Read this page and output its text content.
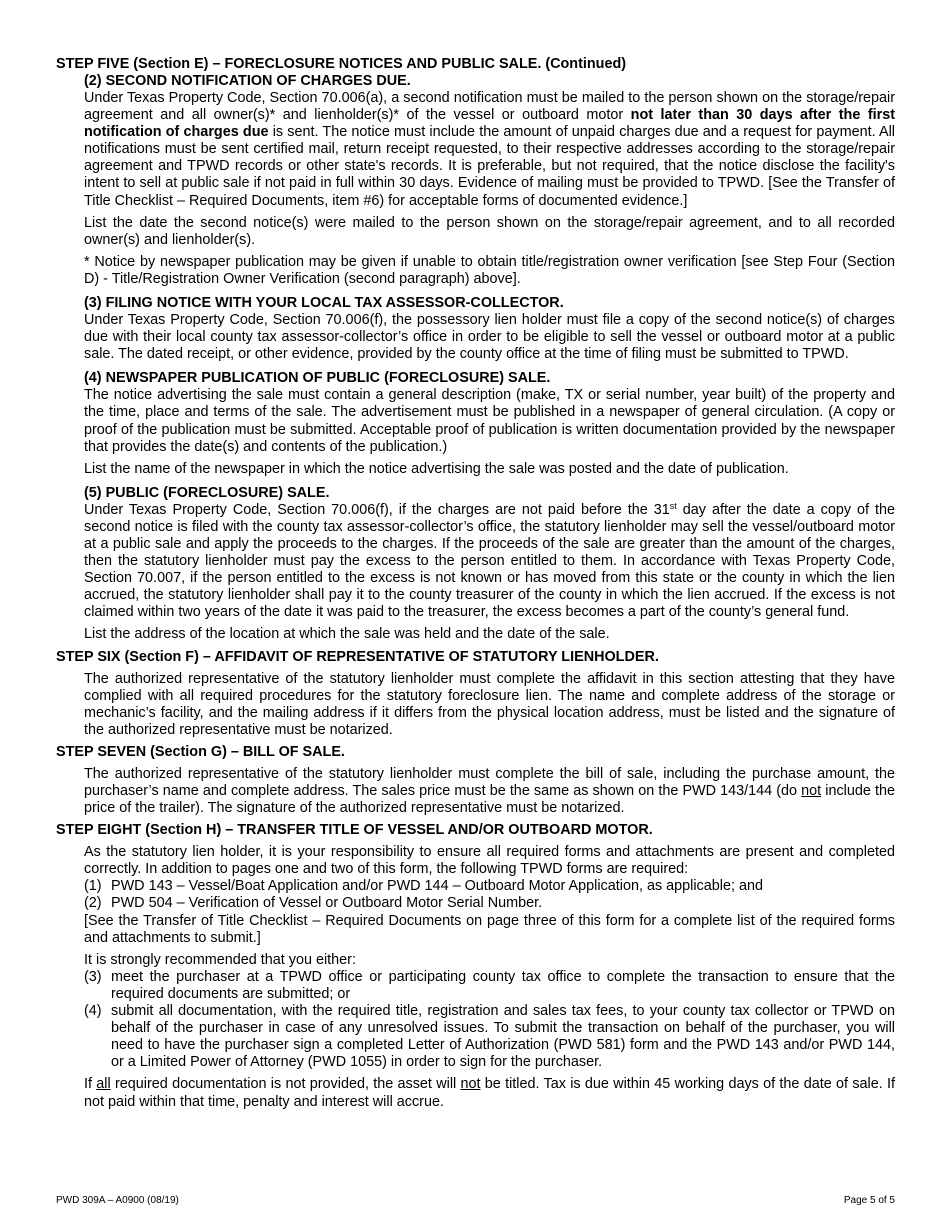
STEP FIVE (Section E) – FORECLOSURE NOTICES AND PUBLIC SALE. (Continued)
(2) SECOND NOTIFICATION OF CHARGES DUE.

Under Texas Property Code, Section 70.006(a), a second notification must be mailed to the person shown on the storage/repair agreement and all owner(s)* and lienholder(s)* of the vessel or outboard motor not later than 30 days after the first notification of charges due is sent. The notice must include the amount of unpaid charges due and a request for payment. All notifications must be sent certified mail, return receipt requested, to their respective addresses according to the storage/repair agreement and TPWD records or other state's records. It is preferable, but not required, that the notice disclose the facility's intent to sell at public sale if not paid in full within 30 days. Evidence of mailing must be provided to TPWD. [See the Transfer of Title Checklist – Required Documents, item #6) for acceptable forms of documented evidence.]

List the date the second notice(s) were mailed to the person shown on the storage/repair agreement, and to all recorded owner(s) and lienholder(s).

* Notice by newspaper publication may be given if unable to obtain title/registration owner verification [see Step Four (Section D) - Title/Registration Owner Verification (second paragraph) above].

(3) FILING NOTICE WITH YOUR LOCAL TAX ASSESSOR-COLLECTOR.

Under Texas Property Code, Section 70.006(f), the possessory lien holder must file a copy of the second notice(s) of charges due with their local county tax assessor-collector’s office in order to be eligible to sell the vessel or outboard motor at a public sale. The dated receipt, or other evidence, provided by the county office at the time of filing must be submitted to TPWD.

(4) NEWSPAPER PUBLICATION OF PUBLIC (FORECLOSURE) SALE.

The notice advertising the sale must contain a general description (make, TX or serial number, year built) of the property and the time, place and terms of the sale. The advertisement must be published in a newspaper of general circulation. (A copy or proof of the publication must be submitted. Acceptable proof of publication is written documentation provided by the newspaper that provides the date(s) and contents of the publication.)

List the name of the newspaper in which the notice advertising the sale was posted and the date of publication.

(5) PUBLIC (FORECLOSURE) SALE.

Under Texas Property Code, Section 70.006(f), if the charges are not paid before the 31st day after the date a copy of the second notice is filed with the county tax assessor-collector’s office, the statutory lienholder may sell the vessel/outboard motor at a public sale and apply the proceeds to the charges. If the proceeds of the sale are greater than the amount of the charges, then the statutory lienholder must pay the excess to the person entitled to them. In accordance with Texas Property Code, Section 70.007, if the person entitled to the excess is not known or has moved from this state or the county in which the lien accrued, the statutory lienholder shall pay it to the county treasurer of the county in which the lien accrued. If the excess is not claimed within two years of the date it was paid to the treasurer, the excess becomes a part of the county’s general fund.

List the address of the location at which the sale was held and the date of the sale.

STEP SIX (Section F) – AFFIDAVIT OF REPRESENTATIVE OF STATUTORY LIENHOLDER.

The authorized representative of the statutory lienholder must complete the affidavit in this section attesting that they have complied with all required procedures for the statutory foreclosure lien. The name and complete address of the storage or mechanic’s facility, and the mailing address if it differs from the physical location address, must be listed and the signature of the authorized representative must be notarized.

STEP SEVEN (Section G) – BILL OF SALE.

The authorized representative of the statutory lienholder must complete the bill of sale, including the purchase amount, the purchaser’s name and complete address. The sales price must be the same as shown on the PWD 143/144 (do not include the price of the trailer). The signature of the authorized representative must be notarized.

STEP EIGHT (Section H) – TRANSFER TITLE OF VESSEL AND/OR OUTBOARD MOTOR.

As the statutory lien holder, it is your responsibility to ensure all required forms and attachments are present and completed correctly. In addition to pages one and two of this form, the following TPWD forms are required:

(1) PWD 143 – Vessel/Boat Application and/or PWD 144 – Outboard Motor Application, as applicable; and
(2) PWD 504 – Verification of Vessel or Outboard Motor Serial Number.

[See the Transfer of Title Checklist – Required Documents on page three of this form for a complete list of the required forms and attachments to submit.]

It is strongly recommended that you either:

(3) meet the purchaser at a TPWD office or participating county tax office to complete the transaction to ensure that the required documents are submitted; or
(4) submit all documentation, with the required title, registration and sales tax fees, to your county tax collector or TPWD on behalf of the purchaser in case of any unresolved issues. To submit the transaction on behalf of the purchaser, you will need to have the purchaser sign a completed Letter of Authorization (PWD 581) form and the PWD 143 and/or PWD 144, or a Limited Power of Attorney (PWD 1055) in order to sign for the purchaser.

If all required documentation is not provided, the asset will not be titled. Tax is due within 45 working days of the date of sale. If not paid within that time, penalty and interest will accrue.

PWD 309A – A0900 (08/19)	Page 5 of 5
